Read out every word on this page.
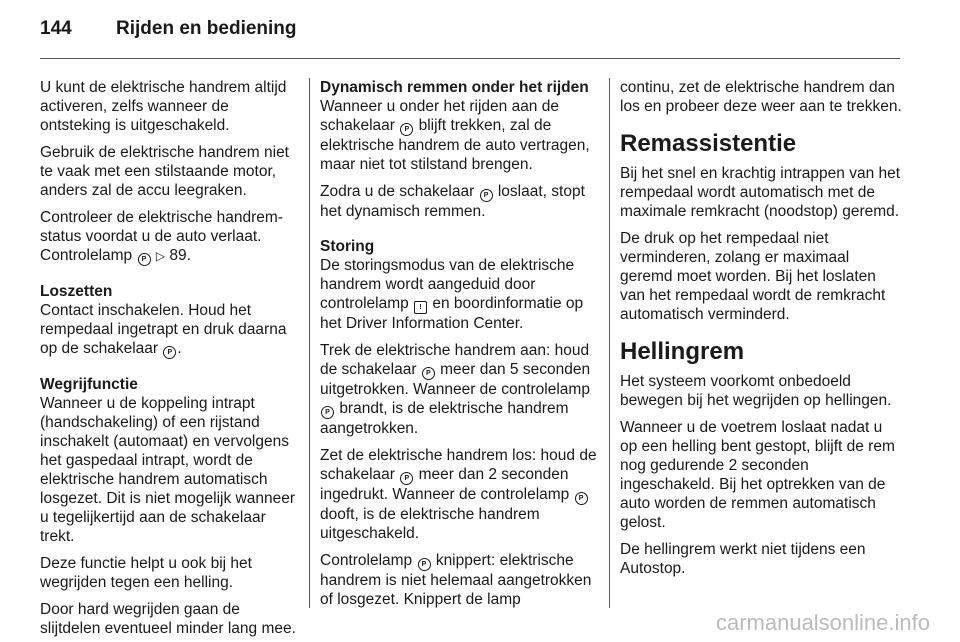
144	Rijden en bediening

U kunt de elektrische handrem altijd activeren, zelfs wanneer de ontsteking is uitgeschakeld.

Gebruik de elektrische handrem niet te vaak met een stilstaande motor, anders zal de accu leegraken.

Controleer de elektrische handrem-status voordat u de auto verlaat. Controlelamp P ▷ 89.

Loszetten

Contact inschakelen. Houd het rempedaal ingetrapt en druk daarna op de schakelaar P .

Wegrijfunctie

Wanneer u de koppeling intrapt (handschakeling) of een rijstand inschakelt (automaat) en vervolgens het gaspedaal intrapt, wordt de elektrische handrem automatisch losgezet. Dit is niet mogelijk wanneer u tegelijkertijd aan de schakelaar trekt.

Deze functie helpt u ook bij het wegrijden tegen een helling.

Door hard wegrijden gaan de slijtdelen eventueel minder lang mee.

Dynamisch remmen onder het rijden

Wanneer u onder het rijden aan de schakelaar P blijft trekken, zal de elektrische handrem de auto vertragen, maar niet tot stilstand brengen.

Zodra u de schakelaar P loslaat, stopt het dynamisch remmen.

Storing

De storingsmodus van de elektrische handrem wordt aangeduid door controlelamp ! en boordinformatie op het Driver Information Center.

Trek de elektrische handrem aan: houd de schakelaar P meer dan 5 seconden uitgetrokken. Wanneer de controlelamp P brandt, is de elektrische handrem aangetrokken.

Zet de elektrische handrem los: houd de schakelaar P meer dan 2 seconden ingedrukt. Wanneer de controlelamp P dooft, is de elektrische handrem uitgeschakeld.

Controlelamp P knippert: elektrische handrem is niet helemaal aangetrokken of losgezet. Knippert de lamp

continu, zet de elektrische handrem dan los en probeer deze weer aan te trekken.

Remassistentie

Bij het snel en krachtig intrappen van het rempedaal wordt automatisch met de maximale remkracht (noodstop) geremd.

De druk op het rempedaal niet verminderen, zolang er maximaal geremd moet worden. Bij het loslaten van het rempedaal wordt de remkracht automatisch verminderd.

Hellingrem

Het systeem voorkomt onbedoeld bewegen bij het wegrijden op hellingen.

Wanneer u de voetrem loslaat nadat u op een helling bent gestopt, blijft de rem nog gedurende 2 seconden ingeschakeld. Bij het optrekken van de auto worden de remmen automatisch gelost.

De hellingrem werkt niet tijdens een Autostop.

carmanualsonline.info
